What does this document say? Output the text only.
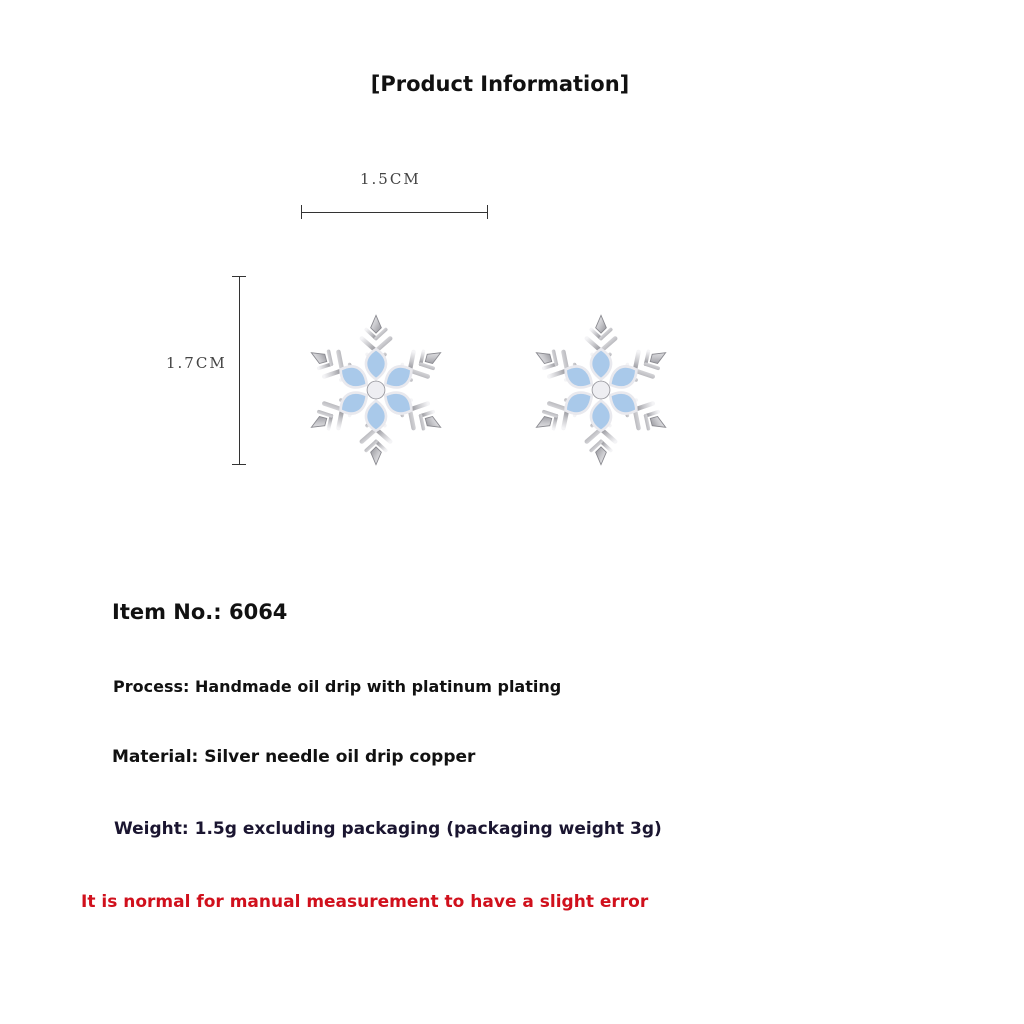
[Product Information]
1.5CM
1.7CM
Item No.: 6064
Process: Handmade oil drip with platinum plating
Material: Silver needle oil drip copper
Weight: 1.5g excluding packaging (packaging weight 3g)
It is normal for manual measurement to have a slight error
